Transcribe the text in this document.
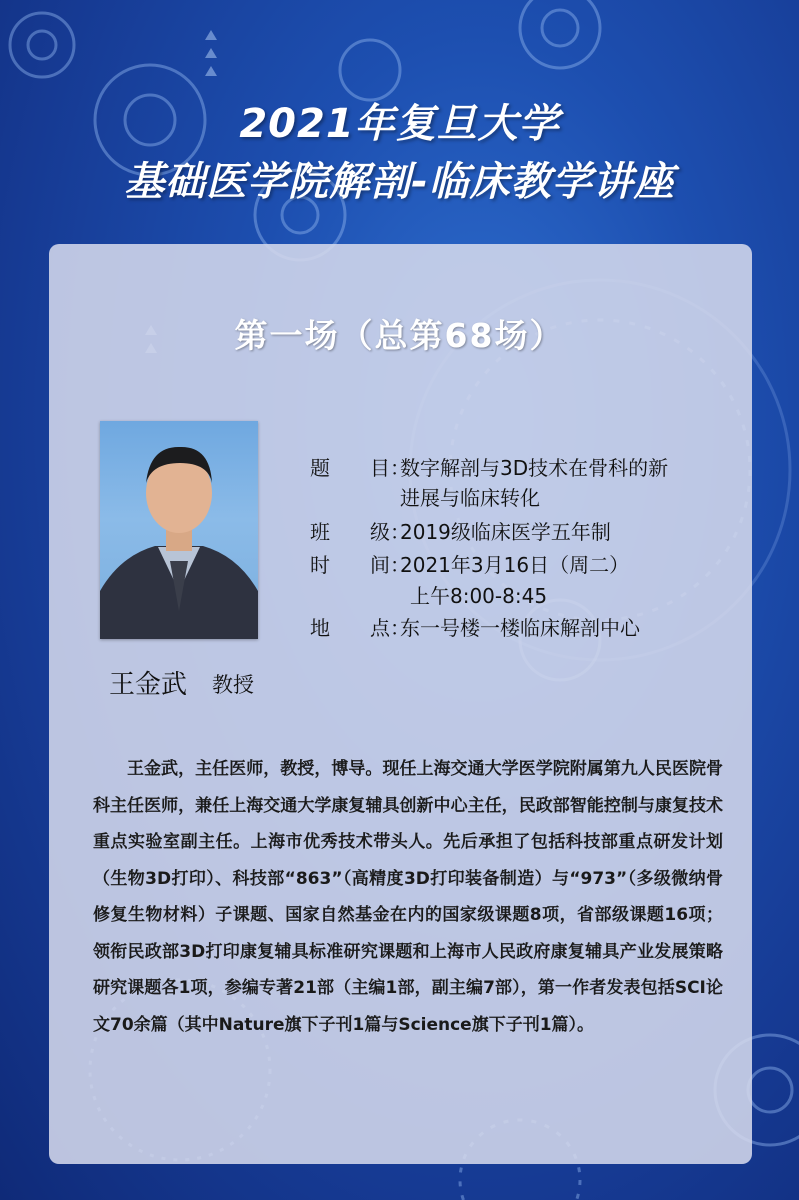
2021年复旦大学
基础医学院解剖-临床教学讲座
第一场（总第68场）
王金武 教授
题　　目：数字解剖与3D技术在骨科的新
进展与临床转化
班　　级：2019级临床医学五年制
时　　间：2021年3月16日（周二）
上午8:00-8:45
地　　点：东一号楼一楼临床解剖中心

王金武，主任医师，教授，博导。现任上海交通大学医学院附属第九人民医院骨科主任医师，兼任上海交通大学康复辅具创新中心主任，民政部智能控制与康复技术重点实验室副主任。上海市优秀技术带头人。先后承担了包括科技部重点研发计划（生物3D打印）、科技部“863”（高精度3D打印装备制造）与“973”（多级微纳骨修复生物材料）子课题、国家自然基金在内的国家级课题8项，省部级课题16项；领衔民政部3D打印康复辅具标准研究课题和上海市人民政府康复辅具产业发展策略研究课题各1项，参编专著21部（主编1部，副主编7部），第一作者发表包括SCI论文70余篇（其中Nature旗下子刊1篇与Science旗下子刊1篇）。
